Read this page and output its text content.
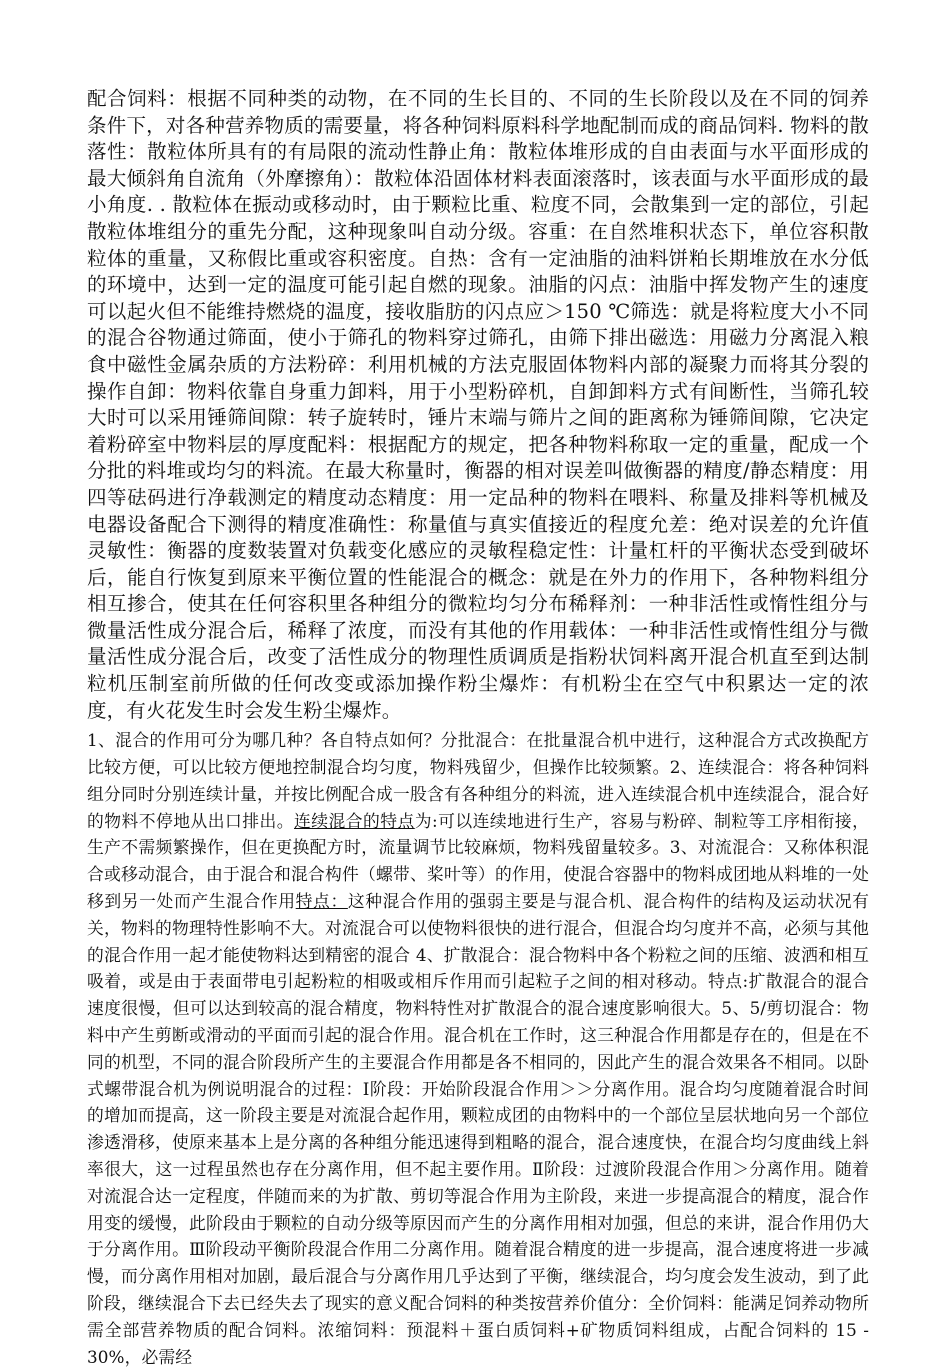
配合饲料：根据不同种类的动物，在不同的生长目的、不同的生长阶段以及在不同的饲养条件下，对各种营养物质的需要量，将各种饲料原料科学地配制而成的商品饲料. 物料的散落性：散粒体所具有的有局限的流动性静止角：散粒体堆形成的自由表面与水平面形成的最大倾斜角自流角（外摩擦角）：散粒体沿固体材料表面滚落时，该表面与水平面形成的最小角度. . 散粒体在振动或移动时，由于颗粒比重、粒度不同，会散集到一定的部位，引起散粒体堆组分的重先分配，这种现象叫自动分级。容重：在自然堆积状态下，单位容积散粒体的重量，又称假比重或容积密度。自热：含有一定油脂的油料饼粕长期堆放在水分低的环境中，达到一定的温度可能引起自燃的现象。油脂的闪点：油脂中挥发物产生的速度可以起火但不能维持燃烧的温度，接收脂肪的闪点应＞150 ℃筛选：就是将粒度大小不同的混合谷物通过筛面，使小于筛孔的物料穿过筛孔，由筛下排出磁选：用磁力分离混入粮食中磁性金属杂质的方法粉碎：利用机械的方法克服固体物料内部的凝聚力而将其分裂的操作自卸：物料依靠自身重力卸料，用于小型粉碎机，自卸卸料方式有间断性，当筛孔较大时可以采用锤筛间隙：转子旋转时，锤片末端与筛片之间的距离称为锤筛间隙，它决定着粉碎室中物料层的厚度配料：根据配方的规定，把各种物料称取一定的重量，配成一个分批的料堆或均匀的料流。在最大称量时，衡器的相对误差叫做衡器的精度/静态精度：用四等砝码进行净载测定的精度动态精度：用一定品种的物料在喂料、称量及排料等机械及电器设备配合下测得的精度准确性：称量值与真实值接近的程度允差：绝对误差的允许值灵敏性：衡器的度数装置对负载变化感应的灵敏程稳定性：计量杠杆的平衡状态受到破坏后，能自行恢复到原来平衡位置的性能混合的概念：就是在外力的作用下，各种物料组分相互掺合，使其在任何容积里各种组分的微粒均匀分布稀释剂：一种非活性或惰性组分与微量活性成分混合后，稀释了浓度，而没有其他的作用载体：一种非活性或惰性组分与微量活性成分混合后，改变了活性成分的物理性质调质是指粉状饲料离开混合机直至到达制粒机压制室前所做的任何改变或添加操作粉尘爆炸：有机粉尘在空气中积累达一定的浓度，有火花发生时会发生粉尘爆炸。

1、混合的作用可分为哪几种？各自特点如何？分批混合：在批量混合机中进行，这种混合方式改换配方比较方便，可以比较方便地控制混合均匀度，物料残留少，但操作比较频繁。2、连续混合：将各种饲料组分同时分别连续计量，并按比例配合成一股含有各种组分的料流，进入连续混合机中连续混合，混合好的物料不停地从出口排出。连续混合的特点为:可以连续地进行生产，容易与粉碎、制粒等工序相衔接，生产不需频繁操作，但在更换配方时，流量调节比较麻烦，物料残留量较多。3、对流混合：又称体积混合或移动混合，由于混合和混合构件（螺带、桨叶等）的作用，使混合容器中的物料成团地从料堆的一处移到另一处而产生混合作用特点：这种混合作用的强弱主要是与混合机、混合构件的结构及运动状况有关，物料的物理特性影响不大。对流混合可以使物料很快的进行混合，但混合均匀度并不高，必须与其他的混合作用一起才能使物料达到精密的混合 4、扩散混合：混合物料中各个粉粒之间的压缩、波洒和相互吸着，或是由于表面带电引起粉粒的相吸或相斥作用而引起粒子之间的相对移动。特点:扩散混合的混合速度很慢，但可以达到较高的混合精度，物料特性对扩散混合的混合速度影响很大。5、5/剪切混合：物料中产生剪断或滑动的平面而引起的混合作用。混合机在工作时，这三种混合作用都是存在的，但是在不同的机型，不同的混合阶段所产生的主要混合作用都是各不相同的，因此产生的混合效果各不相同。以卧式螺带混合机为例说明混合的过程：Ⅰ阶段：开始阶段混合作用＞＞分离作用。混合均匀度随着混合时间的增加而提高，这一阶段主要是对流混合起作用，颗粒成团的由物料中的一个部位呈层状地向另一个部位渗透滑移，使原来基本上是分离的各种组分能迅速得到粗略的混合，混合速度快，在混合均匀度曲线上斜率很大，这一过程虽然也存在分离作用，但不起主要作用。Ⅱ阶段：过渡阶段混合作用＞分离作用。随着对流混合达一定程度，伴随而来的为扩散、剪切等混合作用为主阶段，来进一步提高混合的精度，混合作用变的缓慢，此阶段由于颗粒的自动分级等原因而产生的分离作用相对加强，但总的来讲，混合作用仍大于分离作用。Ⅲ阶段动平衡阶段混合作用二分离作用。随着混合精度的进一步提高，混合速度将进一步减慢，而分离作用相对加剧，最后混合与分离作用几乎达到了平衡，继续混合，均匀度会发生波动，到了此阶段，继续混合下去已经失去了现实的意义配合饲料的种类按营养价值分：全价饲料：能满足饲养动物所需全部营养物质的配合饲料。浓缩饲料：预混料＋蛋白质饲料+矿物质饲料组成，占配合饲料的 15 - 30%，必需经
